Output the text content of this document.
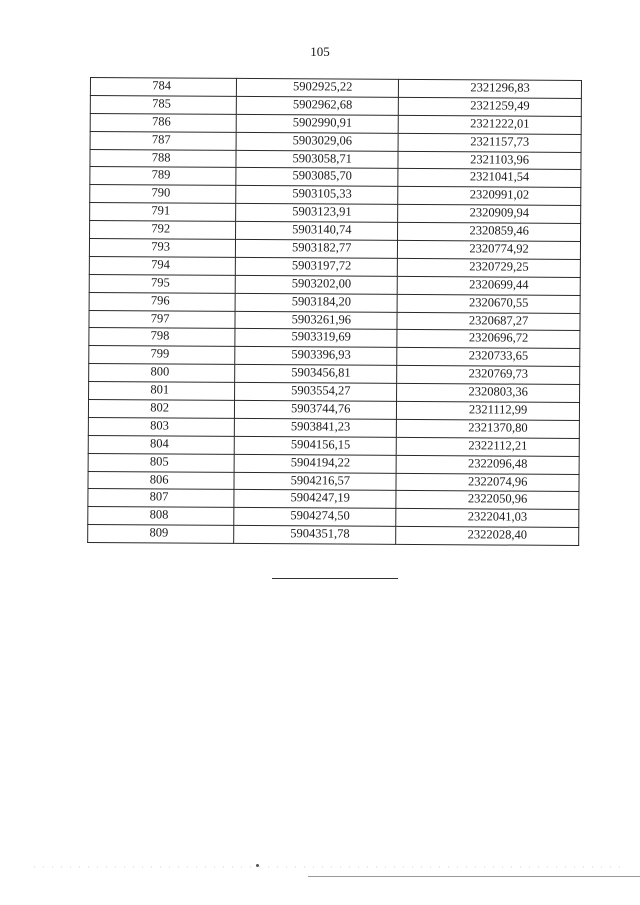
105
784	5902925,22	2321296,83
785	5902962,68	2321259,49
786	5902990,91	2321222,01
787	5903029,06	2321157,73
788	5903058,71	2321103,96
789	5903085,70	2321041,54
790	5903105,33	2320991,02
791	5903123,91	2320909,94
792	5903140,74	2320859,46
793	5903182,77	2320774,92
794	5903197,72	2320729,25
795	5903202,00	2320699,44
796	5903184,20	2320670,55
797	5903261,96	2320687,27
798	5903319,69	2320696,72
799	5903396,93	2320733,65
800	5903456,81	2320769,73
801	5903554,27	2320803,36
802	5903744,76	2321112,99
803	5903841,23	2321370,80
804	5904156,15	2322112,21
805	5904194,22	2322096,48
806	5904216,57	2322074,96
807	5904247,19	2322050,96
808	5904274,50	2322041,03
809	5904351,78	2322028,40
